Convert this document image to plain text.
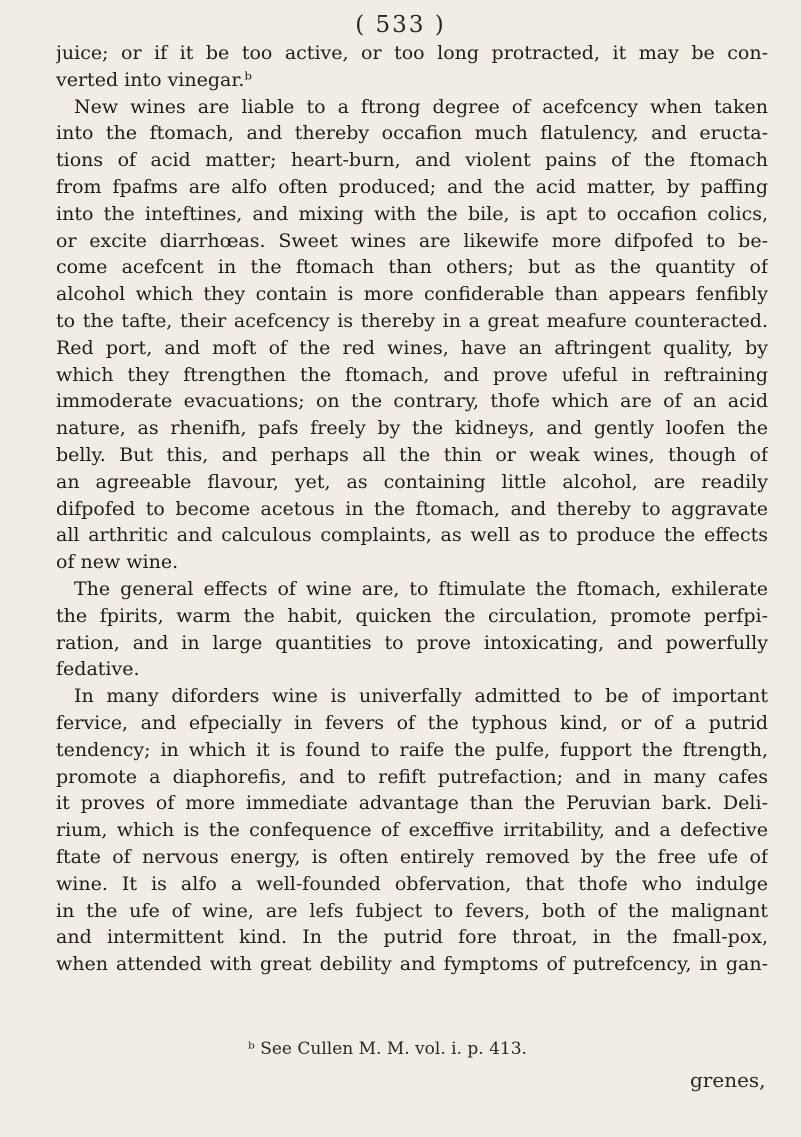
( 533 )
juice; or if it be too active, or too long protracted, it may be con-
verted into vinegar.ᵇ
New wines are liable to a ftrong degree of acefcency when taken
into the ftomach, and thereby occafion much flatulency, and eructa-
tions of acid matter; heart-burn, and violent pains of the ftomach
from fpafms are alfo often produced; and the acid matter, by paffing
into the inteftines, and mixing with the bile, is apt to occafion colics,
or excite diarrhœas. Sweet wines are likewife more difpofed to be-
come acefcent in the ftomach than others; but as the quantity of
alcohol which they contain is more confiderable than appears fenfibly
to the tafte, their acefcency is thereby in a great meafure counteracted.
Red port, and moft of the red wines, have an aftringent quality, by
which they ftrengthen the ftomach, and prove ufeful in reftraining
immoderate evacuations; on the contrary, thofe which are of an acid
nature, as rhenifh, pafs freely by the kidneys, and gently loofen the
belly. But this, and perhaps all the thin or weak wines, though of
an agreeable flavour, yet, as containing little alcohol, are readily
difpofed to become acetous in the ftomach, and thereby to aggravate
all arthritic and calculous complaints, as well as to produce the effects
of new wine.
The general effects of wine are, to ftimulate the ftomach, exhilerate
the fpirits, warm the habit, quicken the circulation, promote perfpi-
ration, and in large quantities to prove intoxicating, and powerfully
fedative.
In many diforders wine is univerfally admitted to be of important
fervice, and efpecially in fevers of the typhous kind, or of a putrid
tendency; in which it is found to raife the pulfe, fupport the ftrength,
promote a diaphorefis, and to refift putrefaction; and in many cafes
it proves of more immediate advantage than the Peruvian bark. Deli-
rium, which is the confequence of exceffive irritability, and a defective
ftate of nervous energy, is often entirely removed by the free ufe of
wine. It is alfo a well-founded obfervation, that thofe who indulge
in the ufe of wine, are lefs fubject to fevers, both of the malignant
and intermittent kind. In the putrid fore throat, in the fmall-pox,
when attended with great debility and fymptoms of putrefcency, in gan-
ᵇ See Cullen M. M. vol. i. p. 413.
grenes,
